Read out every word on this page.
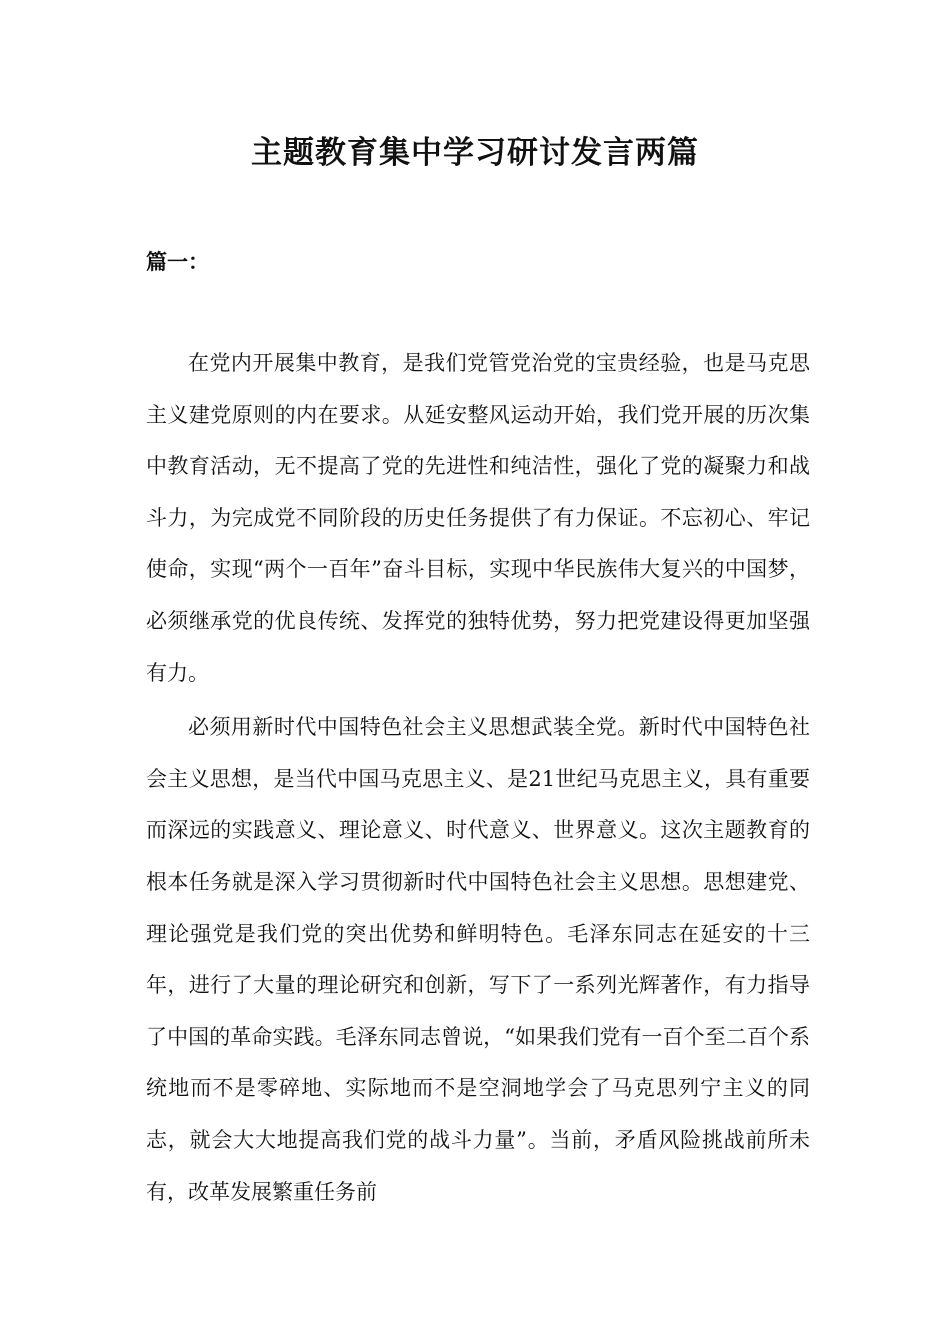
主题教育集中学习研讨发言两篇
篇一：

在党内开展集中教育，是我们党管党治党的宝贵经验，也是马克思主义建党原则的内在要求。从延安整风运动开始，我们党开展的历次集中教育活动，无不提高了党的先进性和纯洁性，强化了党的凝聚力和战斗力，为完成党不同阶段的历史任务提供了有力保证。不忘初心、牢记使命，实现“两个一百年”奋斗目标，实现中华民族伟大复兴的中国梦，必须继承党的优良传统、发挥党的独特优势，努力把党建设得更加坚强有力。

必须用新时代中国特色社会主义思想武装全党。新时代中国特色社会主义思想，是当代中国马克思主义、是21世纪马克思主义，具有重要而深远的实践意义、理论意义、时代意义、世界意义。这次主题教育的根本任务就是深入学习贯彻新时代中国特色社会主义思想。思想建党、理论强党是我们党的突出优势和鲜明特色。毛泽东同志在延安的十三年，进行了大量的理论研究和创新，写下了一系列光辉著作，有力指导了中国的革命实践。毛泽东同志曾说，“如果我们党有一百个至二百个系统地而不是零碎地、实际地而不是空洞地学会了马克思列宁主义的同志，就会大大地提高我们党的战斗力量”。当前，矛盾风险挑战前所未有，改革发展繁重任务前
